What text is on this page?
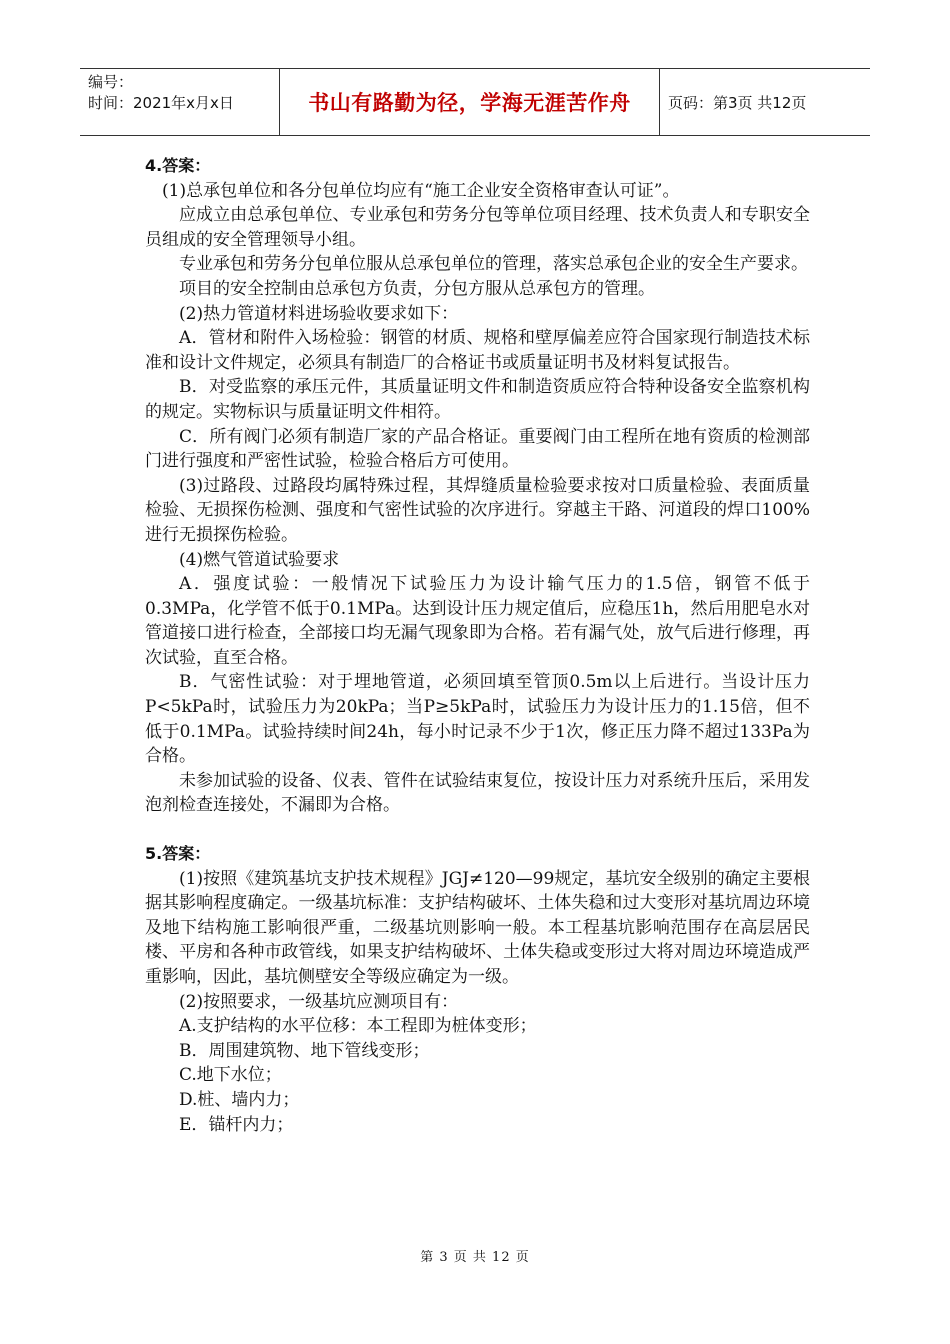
编号：
时间：2021年x月x日	书山有路勤为径，学海无涯苦作舟	页码：第3页 共12页

4.答案：

(1)总承包单位和各分包单位均应有“施工企业安全资格审查认可证”。

应成立由总承包单位、专业承包和劳务分包等单位项目经理、技术负责人和专职安全员组成的安全管理领导小组。

专业承包和劳务分包单位服从总承包单位的管理，落实总承包企业的安全生产要求。

项目的安全控制由总承包方负责，分包方服从总承包方的管理。

(2)热力管道材料进场验收要求如下：

A．管材和附件入场检验：钢管的材质、规格和壁厚偏差应符合国家现行制造技术标准和设计文件规定，必须具有制造厂的合格证书或质量证明书及材料复试报告。

B．对受监察的承压元件，其质量证明文件和制造资质应符合特种设备安全监察机构的规定。实物标识与质量证明文件相符。

C．所有阀门必须有制造厂家的产品合格证。重要阀门由工程所在地有资质的检测部门进行强度和严密性试验，检验合格后方可使用。

(3)过路段、过路段均属特殊过程，其焊缝质量检验要求按对口质量检验、表面质量检验、无损探伤检测、强度和气密性试验的次序进行。穿越主干路、河道段的焊口100%进行无损探伤检验。

(4)燃气管道试验要求

A．强度试验：一般情况下试验压力为设计输气压力的1.5倍，钢管不低于0.3MPa，化学管不低于0.1MPa。达到设计压力规定值后，应稳压1h，然后用肥皂水对管道接口进行检查，全部接口均无漏气现象即为合格。若有漏气处，放气后进行修理，再次试验，直至合格。

B．气密性试验：对于埋地管道，必须回填至管顶0.5m以上后进行。当设计压力P<5kPa时，试验压力为20kPa；当P≥5kPa时，试验压力为设计压力的1.15倍，但不低于0.1MPa。试验持续时间24h，每小时记录不少于1次，修正压力降不超过133Pa为合格。

未参加试验的设备、仪表、管件在试验结束复位，按设计压力对系统升压后，采用发泡剂检查连接处，不漏即为合格。

5.答案：

(1)按照《建筑基坑支护技术规程》JGJ≠120—99规定，基坑安全级别的确定主要根据其影响程度确定。一级基坑标准：支护结构破坏、土体失稳和过大变形对基坑周边环境及地下结构施工影响很严重，二级基坑则影响一般。本工程基坑影响范围存在高层居民楼、平房和各种市政管线，如果支护结构破坏、土体失稳或变形过大将对周边环境造成严重影响，因此，基坑侧壁安全等级应确定为一级。

(2)按照要求，一级基坑应测项目有：

A.支护结构的水平位移：本工程即为桩体变形；

B．周围建筑物、地下管线变形；

C.地下水位；

D.桩、墙内力；

E．锚杆内力；

第 3 页 共 12 页
